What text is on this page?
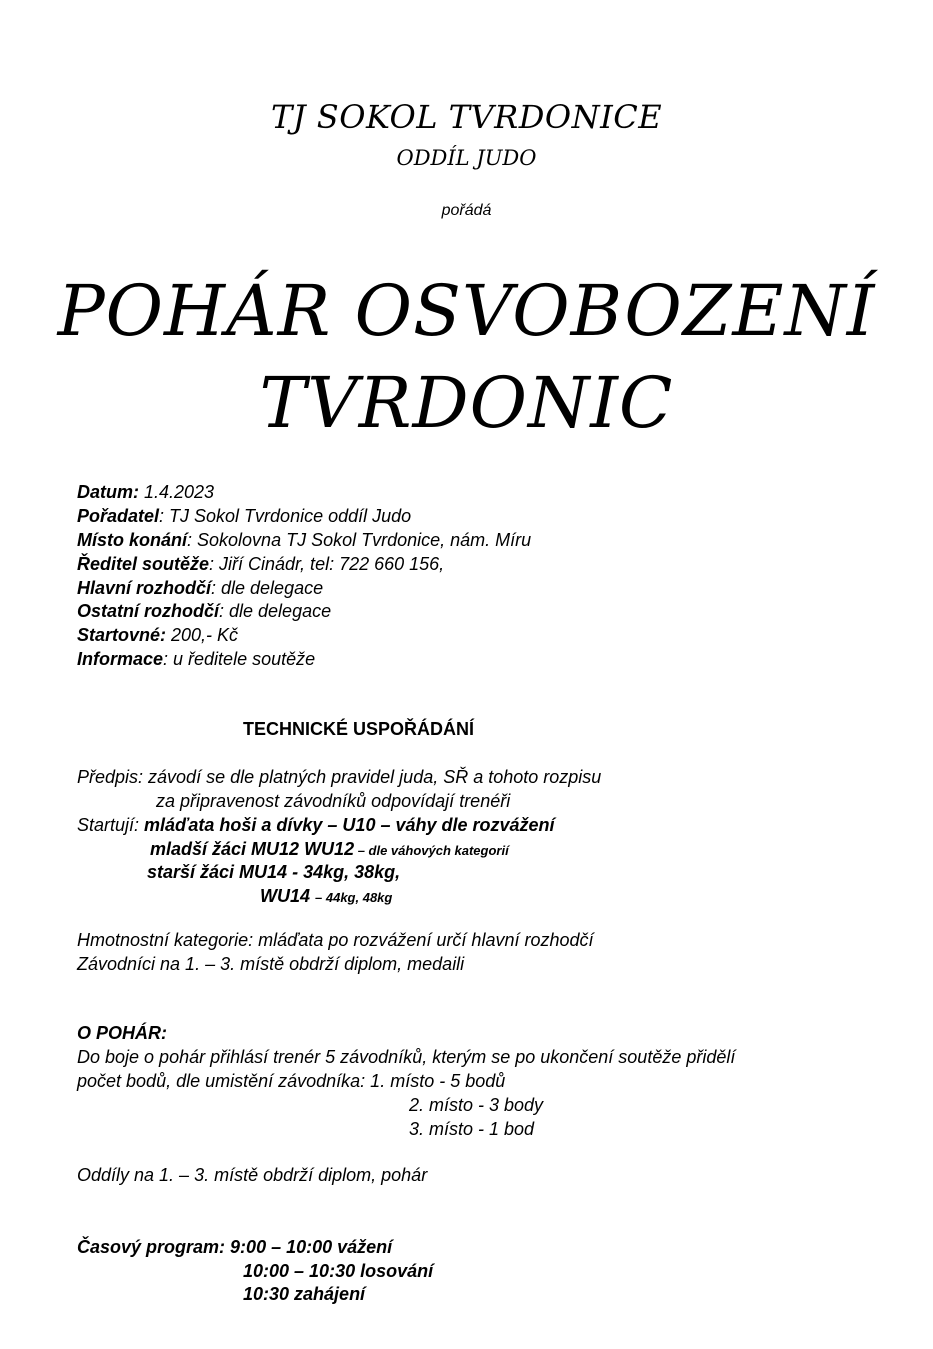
TJ SOKOL TVRDONICE
ODDÍL JUDO
pořádá
POHÁR OSVOBOZENÍ
TVRDONIC
Datum: 1.4.2023
Pořadatel: TJ Sokol Tvrdonice oddíl Judo
Místo konání: Sokolovna TJ Sokol Tvrdonice, nám. Míru
Ředitel soutěže: Jiří Cinádr, tel: 722 660 156,
Hlavní rozhodčí: dle delegace
Ostatní rozhodčí: dle delegace
Startovné: 200,- Kč
Informace: u ředitele soutěže
TECHNICKÉ USPOŘÁDÁNÍ
Předpis: závodí se dle platných pravidel juda, SŘ a tohoto rozpisu
za připravenost závodníků odpovídají trenéři
Startují: mláďata hoši a dívky – U10 – váhy dle rozvážení
mladší žáci MU12 WU12 – dle váhových kategorií
starší žáci MU14 - 34kg, 38kg,
WU14 – 44kg, 48kg
Hmotnostní kategorie: mláďata po rozvážení určí hlavní rozhodčí
Závodníci na 1. – 3. místě obdrží diplom, medaili
O POHÁR:
Do boje o pohár přihlásí trenér 5 závodníků, kterým se po ukončení soutěže přidělí
počet bodů, dle umistění závodníka: 1. místo - 5 bodů
2. místo - 3 body
3. místo - 1 bod
Oddíly na 1. – 3. místě obdrží diplom, pohár
Časový program: 9:00 – 10:00 vážení
10:00 – 10:30 losování
10:30 zahájení
